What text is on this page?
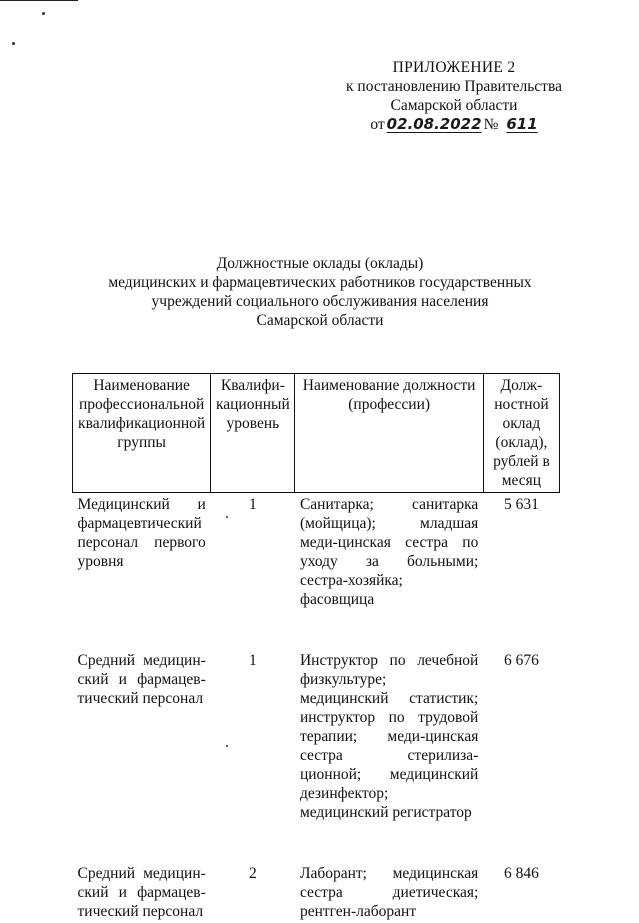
ПРИЛОЖЕНИЕ 2
к постановлению Правительства
Самарской области
от 02.08.2022 № 611
Должностные оклады (оклады)
медицинских и фармацевтических работников государственных
учреждений социального обслуживания населения
Самарской области
Наименование профессиональной квалификационной группы	Квалифи-кационный уровень	Наименование должности (профессии)	Долж-ностной оклад (оклад), рублей в месяц
Медицинский и фармацевтический персонал первого уровня	1	Санитарка; санитарка (мойщица); младшая меди-цинская сестра по уходу за больными; сестра-хозяйка; фасовщица	5 631

Средний медицин-ский и фармацев-тический персонал	1	Инструктор по лечебной физкультуре; медицинский статистик; инструктор по трудовой терапии; меди-цинская сестра стерилиза-ционной; медицинский дезинфектор; медицинский регистратор	6 676

Средний медицин-ский и фармацев-тический персонал	2	Лаборант; медицинская сестра диетическая; рентген-лаборант	6 846
